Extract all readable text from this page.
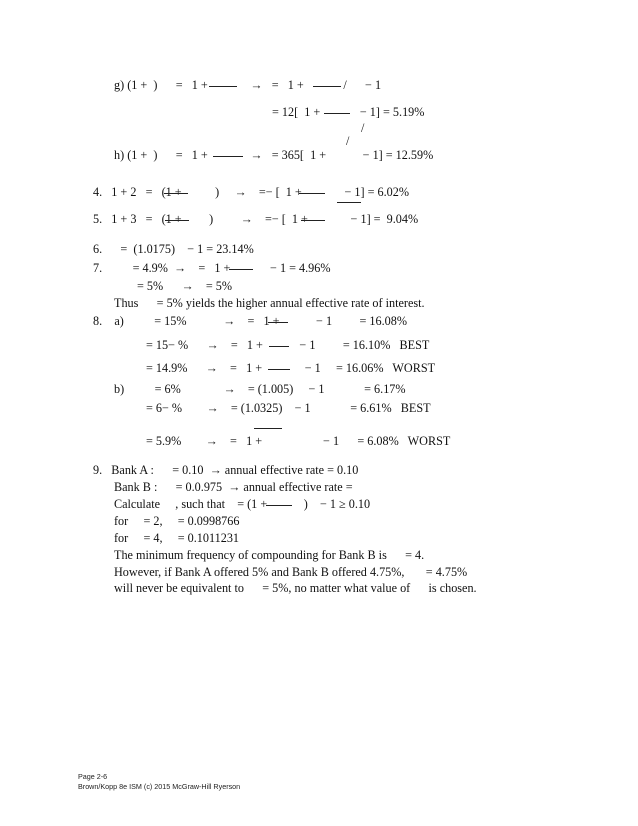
g) (1 +  )      =   1 +              →   =   1 +             /      − 1
= 12[  1 +             − 1] = 5.19%
/
/
h) (1 +  )      =   1 +              →   = 365[  1 +            − 1] = 12.59%
4.   1 + 2   =   (1 +           )     →    =− [  1 +              − 1] = 6.02%
5.   1 + 3   =   (1 +         )         →    =− [  1 +              − 1] =  9.04%
6.      =  (1.0175)    − 1 = 23.14%
7.          = 4.9%  →    =   1 +             − 1 = 4.96%
= 5%      →    = 5%
Thus      = 5% yields the higher annual effective rate of interest.
8.    a)          = 15%            →    =   1 +            − 1         = 16.08%
= 15− %      →    =   1 +            − 1         = 16.10%   BEST
= 14.9%      →    =   1 +              − 1     = 16.06%   WORST
b)          = 6%              →    = (1.005)     − 1             = 6.17%
= 6− %        →    = (1.0325)    − 1             = 6.61%   BEST
= 5.9%        →    =   1 +                    − 1      = 6.08%   WORST
9.   Bank A :      = 0.10  → annual effective rate = 0.10
Bank B :      = 0.0.975  → annual effective rate =
Calculate     , such that    = (1 +            )    − 1 ≥ 0.10
for     = 2,     = 0.0998766
for     = 4,     = 0.1011231
The minimum frequency of compounding for Bank B is      = 4.
However, if Bank A offered 5% and Bank B offered 4.75%,       = 4.75%
will never be equivalent to      = 5%, no matter what value of      is chosen.
Page 2-6
Brown/Kopp 8e ISM (c) 2015 McGraw-Hill Ryerson
